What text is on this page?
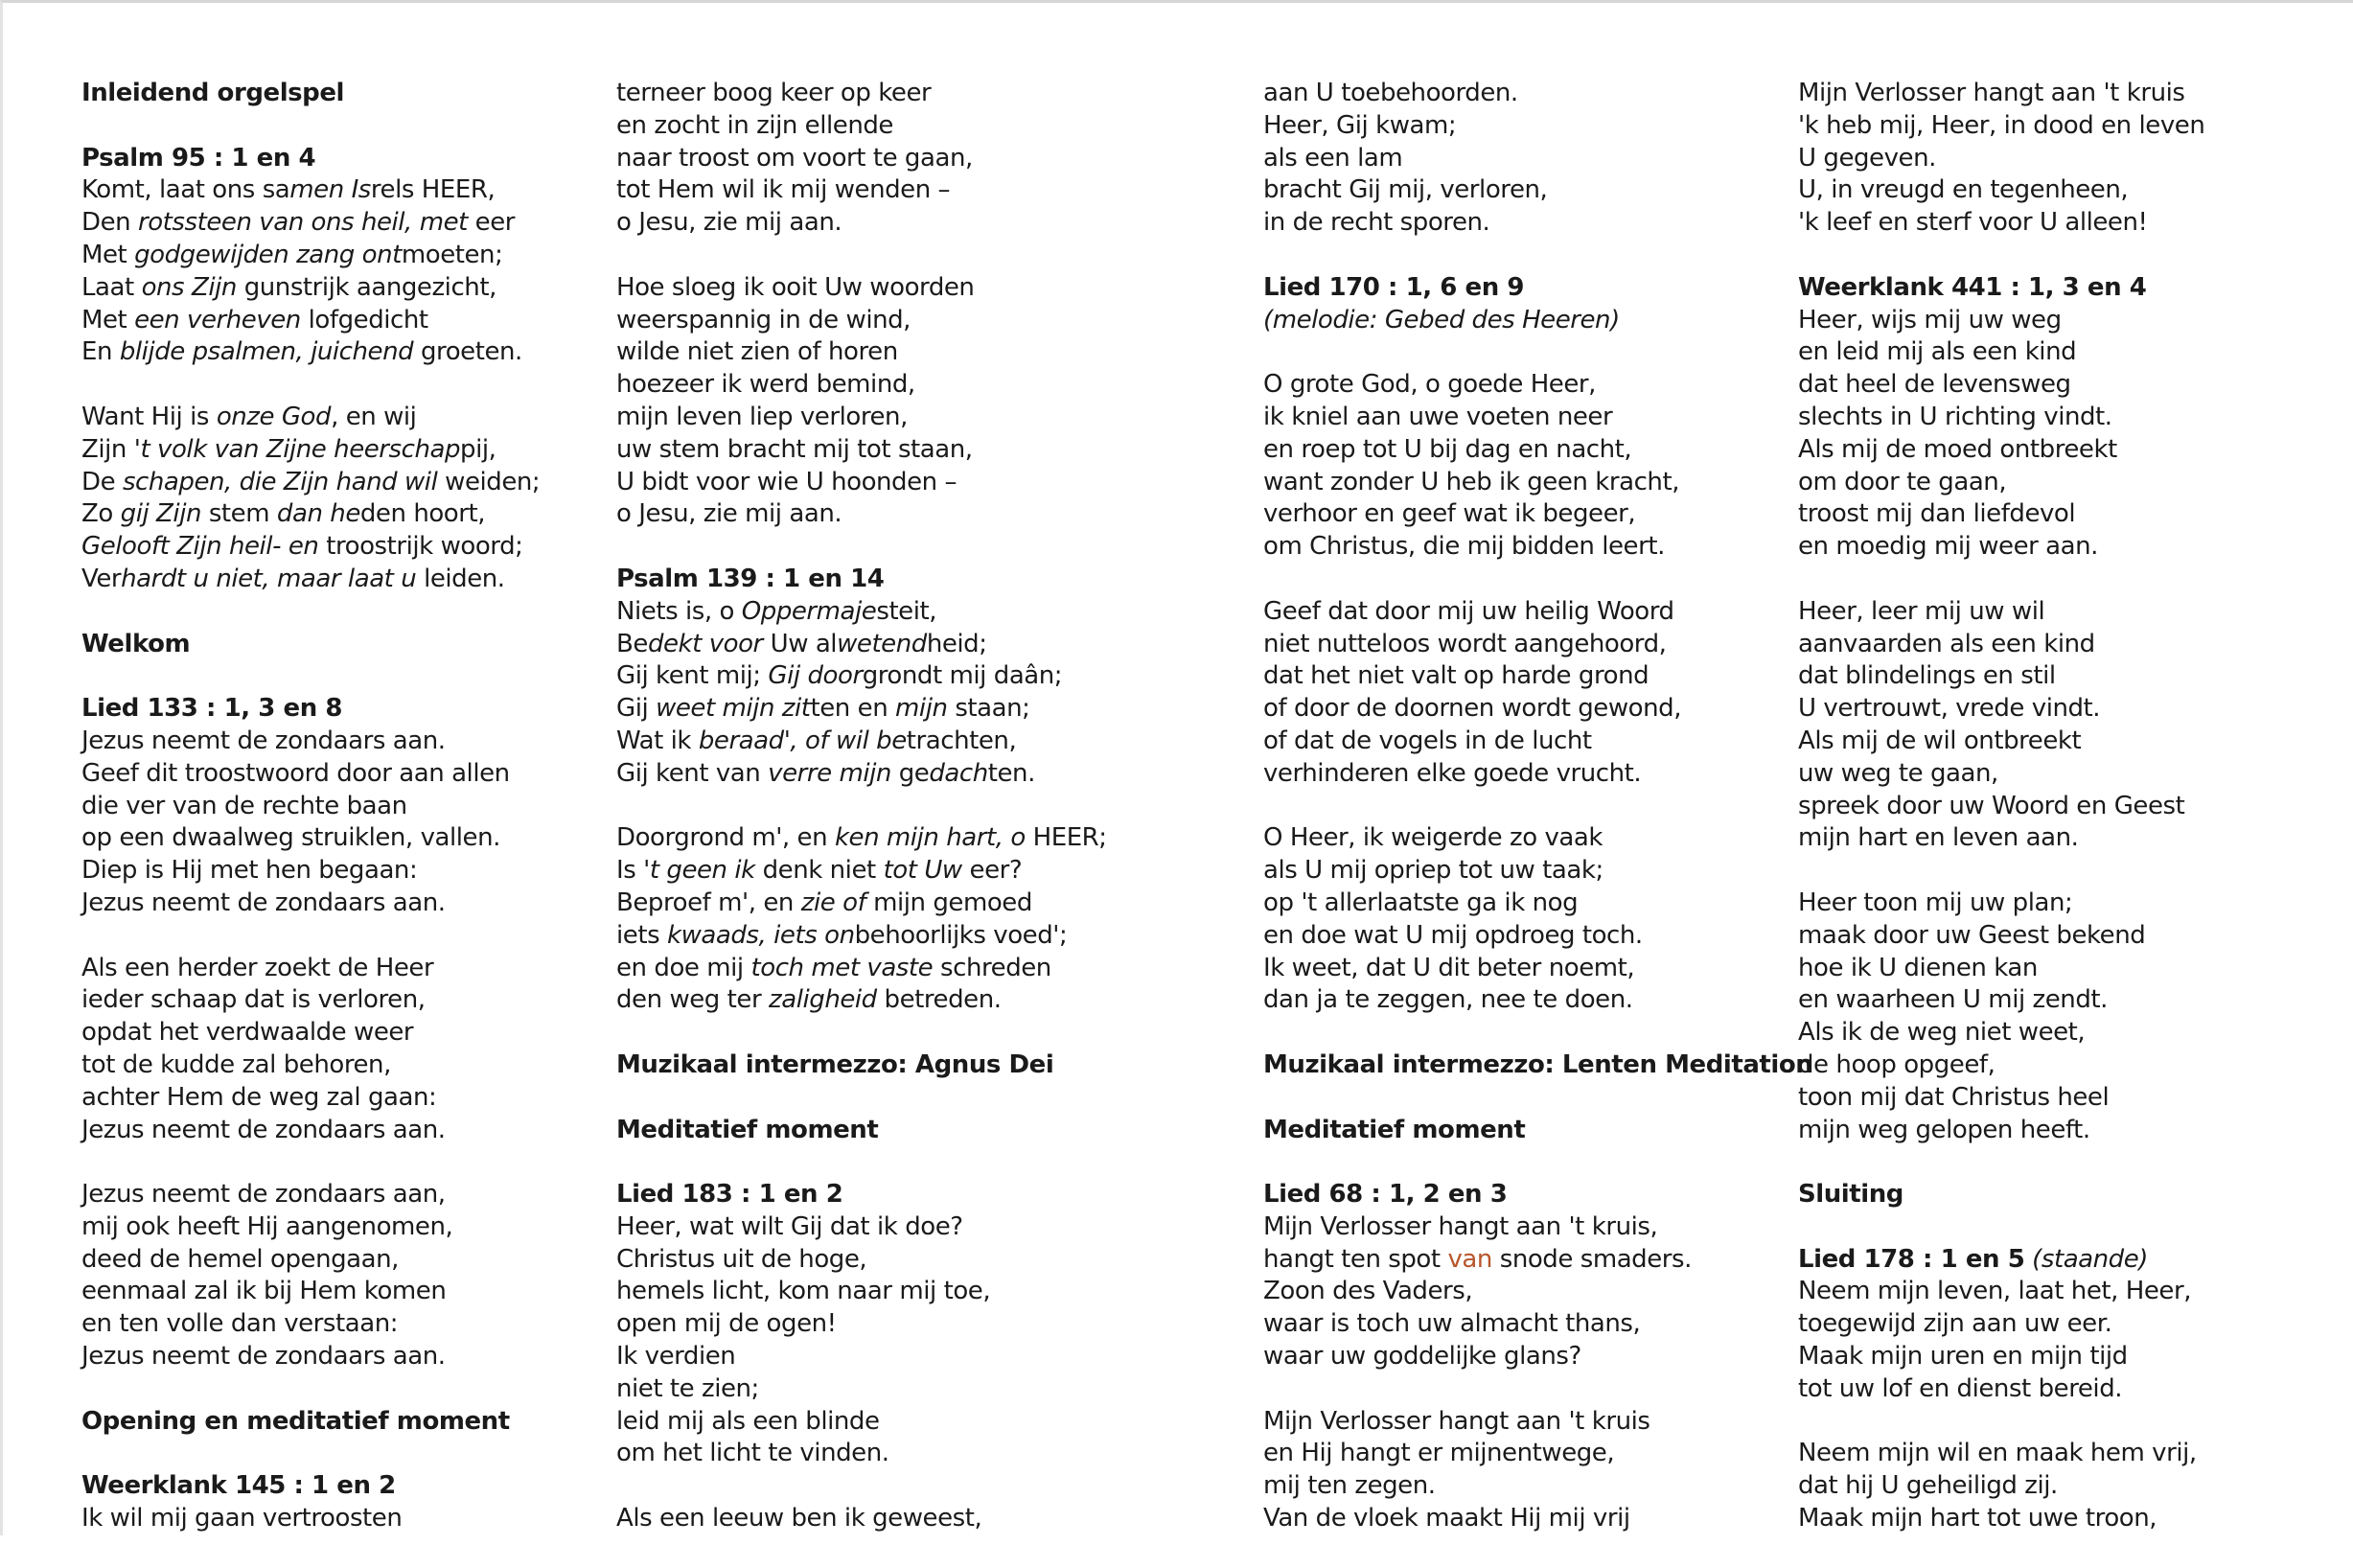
Inleidend orgelspel
Psalm 95 : 1 en 4
Komt, laat ons samen Isrels HEER,
Den rotssteen van ons heil, met eer
Met godgewijden zang ontmoeten;
Laat ons Zijn gunstrijk aangezicht,
Met een verheven lofgedicht
En blijde psalmen, juichend groeten.
Want Hij is onze God, en wij
Zijn 't volk van Zijne heerschappij,
De schapen, die Zijn hand wil weiden;
Zo gij Zijn stem dan heden hoort,
Gelooft Zijn heil- en troostrijk woord;
Verhardt u niet, maar laat u leiden.
Welkom
Lied 133 : 1, 3 en 8
Jezus neemt de zondaars aan.
Geef dit troostwoord door aan allen
die ver van de rechte baan
op een dwaalweg struiklen, vallen.
Diep is Hij met hen begaan:
Jezus neemt de zondaars aan.
Als een herder zoekt de Heer
ieder schaap dat is verloren,
opdat het verdwaalde weer
tot de kudde zal behoren,
achter Hem de weg zal gaan:
Jezus neemt de zondaars aan.
Jezus neemt de zondaars aan,
mij ook heeft Hij aangenomen,
deed de hemel opengaan,
eenmaal zal ik bij Hem komen
en ten volle dan verstaan:
Jezus neemt de zondaars aan.
Opening en meditatief moment
Weerklank 145 : 1 en 2
Ik wil mij gaan vertroosten
terneer boog keer op keer
en zocht in zijn ellende
naar troost om voort te gaan,
tot Hem wil ik mij wenden –
o Jesu, zie mij aan.
Hoe sloeg ik ooit Uw woorden
weerspannig in de wind,
wilde niet zien of horen
hoezeer ik werd bemind,
mijn leven liep verloren,
uw stem bracht mij tot staan,
U bidt voor wie U hoonden –
o Jesu, zie mij aan.
Psalm 139 : 1 en 14
Niets is, o Oppermajesteit,
Bedekt voor Uw alwetendheid;
Gij kent mij; Gij doorgrondt mij daân;
Gij weet mijn zitten en mijn staan;
Wat ik beraad', of wil betrachten,
Gij kent van verre mijn gedachten.
Doorgrond m', en ken mijn hart, o HEER;
Is 't geen ik denk niet tot Uw eer?
Beproef m', en zie of mijn gemoed
iets kwaads, iets onbehoorlijks voed';
en doe mij toch met vaste schreden
den weg ter zaligheid betreden.
Muzikaal intermezzo: Agnus Dei
Meditatief moment
Lied 183 : 1 en 2
Heer, wat wilt Gij dat ik doe?
Christus uit de hoge,
hemels licht, kom naar mij toe,
open mij de ogen!
Ik verdien
niet te zien;
leid mij als een blinde
om het licht te vinden.
Als een leeuw ben ik geweest,
aan U toebehoorden.
Heer, Gij kwam;
als een lam
bracht Gij mij, verloren,
in de recht sporen.
Lied 170 : 1, 6 en 9
(melodie: Gebed des Heeren)
O grote God, o goede Heer,
ik kniel aan uwe voeten neer
en roep tot U bij dag en nacht,
want zonder U heb ik geen kracht,
verhoor en geef wat ik begeer,
om Christus, die mij bidden leert.
Geef dat door mij uw heilig Woord
niet nutteloos wordt aangehoord,
dat het niet valt op harde grond
of door de doornen wordt gewond,
of dat de vogels in de lucht
verhinderen elke goede vrucht.
O Heer, ik weigerde zo vaak
als U mij opriep tot uw taak;
op 't allerlaatste ga ik nog
en doe wat U mij opdroeg toch.
Ik weet, dat U dit beter noemt,
dan ja te zeggen, nee te doen.
Muzikaal intermezzo: Lenten Meditation
Meditatief moment
Lied 68 : 1, 2 en 3
Mijn Verlosser hangt aan 't kruis,
hangt ten spot van snode smaders.
Zoon des Vaders,
waar is toch uw almacht thans,
waar uw goddelijke glans?
Mijn Verlosser hangt aan 't kruis
en Hij hangt er mijnentwege,
mij ten zegen.
Van de vloek maakt Hij mij vrij
Mijn Verlosser hangt aan 't kruis
'k heb mij, Heer, in dood en leven
U gegeven.
U, in vreugd en tegenheen,
'k leef en sterf voor U alleen!
Weerklank 441 : 1, 3 en 4
Heer, wijs mij uw weg
en leid mij als een kind
dat heel de levensweg
slechts in U richting vindt.
Als mij de moed ontbreekt
om door te gaan,
troost mij dan liefdevol
en moedig mij weer aan.
Heer, leer mij uw wil
aanvaarden als een kind
dat blindelings en stil
U vertrouwt, vrede vindt.
Als mij de wil ontbreekt
uw weg te gaan,
spreek door uw Woord en Geest
mijn hart en leven aan.
Heer toon mij uw plan;
maak door uw Geest bekend
hoe ik U dienen kan
en waarheen U mij zendt.
Als ik de weg niet weet,
de hoop opgeef,
toon mij dat Christus heel
mijn weg gelopen heeft.
Sluiting
Lied 178 : 1 en 5 (staande)
Neem mijn leven, laat het, Heer,
toegewijd zijn aan uw eer.
Maak mijn uren en mijn tijd
tot uw lof en dienst bereid.
Neem mijn wil en maak hem vrij,
dat hij U geheiligd zij.
Maak mijn hart tot uwe troon,
